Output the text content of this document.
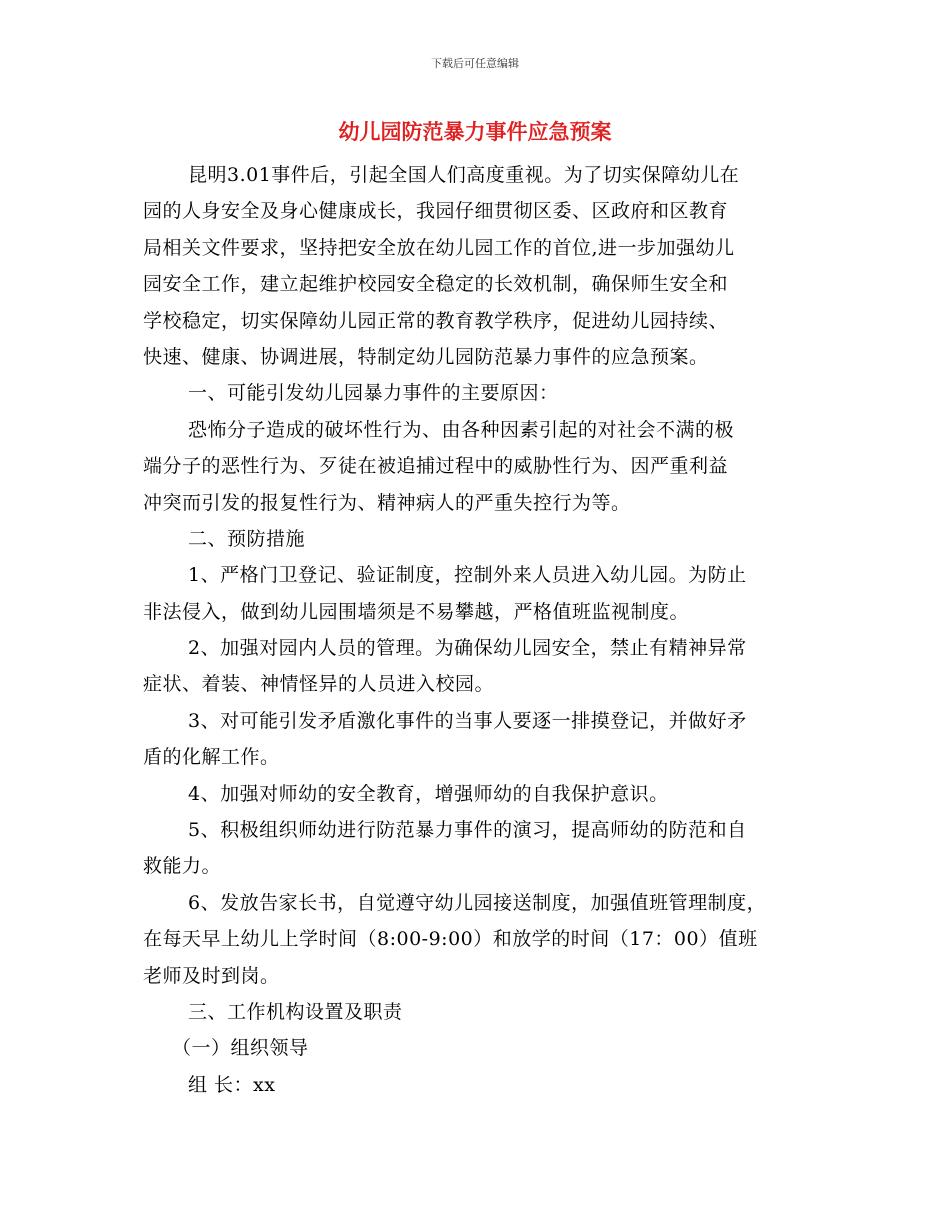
下载后可任意编辑
幼儿园防范暴力事件应急预案
昆明3.01事件后，引起全国人们高度重视。为了切实保障幼儿在
园的人身安全及身心健康成长，我园仔细贯彻区委、区政府和区教育
局相关文件要求，坚持把安全放在幼儿园工作的首位,进一步加强幼儿
园安全工作，建立起维护校园安全稳定的长效机制，确保师生安全和
学校稳定，切实保障幼儿园正常的教育教学秩序，促进幼儿园持续、
快速、健康、协调进展，特制定幼儿园防范暴力事件的应急预案。
一、可能引发幼儿园暴力事件的主要原因：
恐怖分子造成的破坏性行为、由各种因素引起的对社会不满的极
端分子的恶性行为、歹徒在被追捕过程中的威胁性行为、因严重利益
冲突而引发的报复性行为、精神病人的严重失控行为等。
二、预防措施
1、严格门卫登记、验证制度，控制外来人员进入幼儿园。为防止
非法侵入，做到幼儿园围墙须是不易攀越，严格值班监视制度。
2、加强对园内人员的管理。为确保幼儿园安全，禁止有精神异常
症状、着装、神情怪异的人员进入校园。
3、对可能引发矛盾激化事件的当事人要逐一排摸登记，并做好矛
盾的化解工作。
4、加强对师幼的安全教育，增强师幼的自我保护意识。
5、积极组织师幼进行防范暴力事件的演习，提高师幼的防范和自
救能力。
6、发放告家长书，自觉遵守幼儿园接送制度，加强值班管理制度，
在每天早上幼儿上学时间（8:00-9:00）和放学的时间（17：00）值班
老师及时到岗。
三、工作机构设置及职责
（一）组织领导
组 长：xx
